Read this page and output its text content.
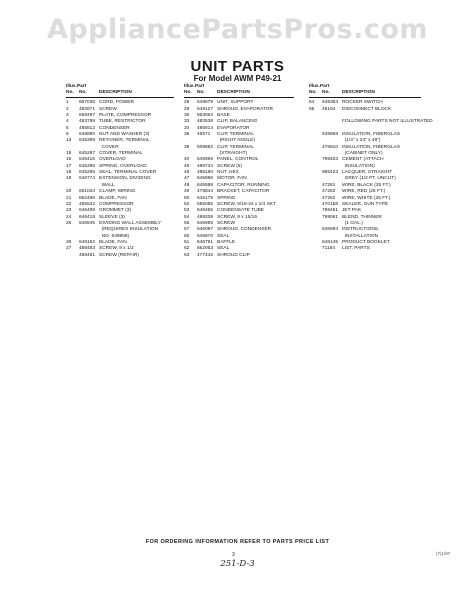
AppliancePartsPros.com
UNIT PARTS
For Model AWM P49-21
Illus.Part
No. No.	DESCRIPTION
1 667036 CORD, POWER
2 482871 SCREW
3 669497 PLATE, COMPRESSOR
4 483788 TUBE, RESTRICTOR
5 485812 CONDENSER
6 646880 NUT AND WASHER (3)
13 645399 RETAINER, TERMINAL
COVER
15 645297 COVER, TERMINAL
16 646416 OVERLOAD
17 645398 SPRING, OVERLOAD
18 645296 SEAL, TERMINAL COVER
19 646774 EXTENSION, DIVIDING
WALL
20 661034 CLAMP, WIRING
21 852486 BLADE, FAN
22 485532 COMPRESSOR
23 646499 GROMMET (3)
24 646418 SLEEVE (3)
25 646945 DIVIDING WALL ASSEMBLY
(REQUIRES INSULATION
NO. 649958)
26 646152 BLADE, FAN
27 488483 SCREW, 8 x 1/2
488481 SCREW (REPAIR)
Illus.Part
No. No.	DESCRIPTION
28 649879 UNIT, SUPPORT
29 649127 SHROUD, EVAPORATOR
30 853063 BASE
33 483538 CLIP, BALANCING
34 485814 EVAPORATOR
38 45571 CLIP, TERMINAL
(RIGHT ANGLE)
39 509682 CLIP, TERMINAL
(STRAIGHT)
40 646969 PANEL, CONTROL
45 488734 SCREW (5)
46 488180 NUT, HEX
47 645986 MOTOR, FAN
48 645598 CAPACITOR, RUNNING
49 478844 BRACKET, CAPACITOR
50 645179 SPRING
52 595085 SCREW, 5/16-24 x 1/4 SKT
53 646465 CONDENSATE TUBE
54 488208 SCREW, 8 x 15/16
55 646985 SCREW
57 646097 SHROUD, CONDENSER
60 646870 SEAL
61 646791 BAFFLE
62 852063 SEAL
63 477442 SHROUD CLIP
Illus.Part
No. No.	DESCRIPTION
64 649384 ROCKER SWITCH
65 45194 DISCONNECT BLOCK
FOLLOWING PARTS NOT ILLUSTRATED
649958 INSULATION, FIBERGLAS
(1/4" x 24" x 48")
476810 INSULATION, FIBERGLAS
(CABINET ONLY)
799403 CEMENT (ATTACH
INSULATION)
985423 LACQUER, STRAIGHT
GREY (1/2 PT. UNCUT)
47261 WIRE, BLACK (25 FT.)
47263 WIRE, RED (25 FT.)
47262 WIRE, WHITE (25 FT.)
470158 SEALER, GUN TYPE
769451 JET PAK
799061 BLEND, THINNER
(1 GAL.)
646994 INSTRUCTIONS,
INSTALLATION
648145 PRODUCT BOOKLET
71184 LIST, PARTS
FOR ORDERING INFORMATION REFER TO PARTS PRICE LIST
3	(7)1/87
251-D-3
